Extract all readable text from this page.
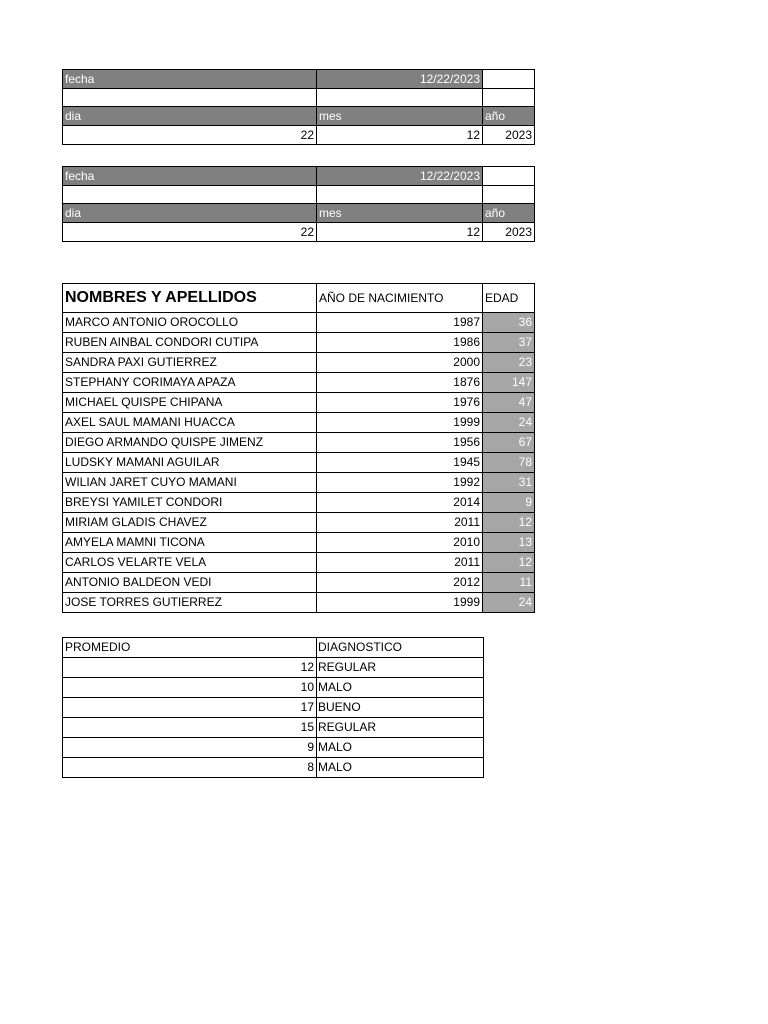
fecha	12/22/2023	

dia	mes	año
22	12	2023
fecha	12/22/2023	

dia	mes	año
22	12	2023
NOMBRES Y APELLIDOS	AÑO DE NACIMIENTO	EDAD
MARCO ANTONIO OROCOLLO	1987	36
RUBEN AINBAL CONDORI CUTIPA	1986	37
SANDRA PAXI GUTIERREZ	2000	23
STEPHANY CORIMAYA APAZA	1876	147
MICHAEL QUISPE CHIPANA	1976	47
AXEL SAUL MAMANI HUACCA	1999	24
DIEGO ARMANDO QUISPE JIMENZ	1956	67
LUDSKY MAMANI AGUILAR	1945	78
WILIAN JARET CUYO MAMANI	1992	31
BREYSI YAMILET CONDORI	2014	9
MIRIAM GLADIS CHAVEZ	2011	12
AMYELA MAMNI TICONA	2010	13
CARLOS VELARTE VELA	2011	12
ANTONIO BALDEON VEDI	2012	11
JOSE TORRES GUTIERREZ	1999	24
PROMEDIO	DIAGNOSTICO
12	REGULAR
10	MALO
17	BUENO
15	REGULAR
9	MALO
8	MALO
